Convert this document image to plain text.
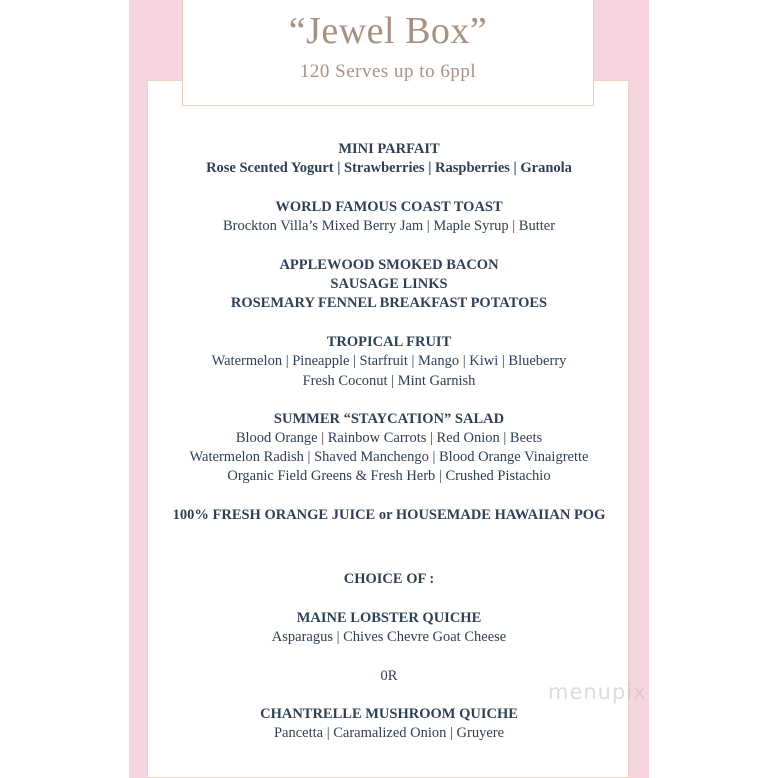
“Jewel Box”
120 Serves up to 6ppl
MINI PARFAIT
Rose Scented Yogurt | Strawberries | Raspberries | Granola
WORLD FAMOUS COAST TOAST
Brockton Villa’s Mixed Berry Jam | Maple Syrup | Butter
APPLEWOOD SMOKED BACON
SAUSAGE LINKS
ROSEMARY FENNEL BREAKFAST POTATOES
TROPICAL FRUIT
Watermelon | Pineapple | Starfruit | Mango | Kiwi | Blueberry
Fresh Coconut | Mint Garnish
SUMMER “STAYCATION” SALAD
Blood Orange | Rainbow Carrots | Red Onion | Beets
Watermelon Radish | Shaved Manchengo | Blood Orange Vinaigrette
Organic Field Greens & Fresh Herb | Crushed Pistachio
100% FRESH ORANGE JUICE or HOUSEMADE HAWAIIAN POG
CHOICE OF :
MAINE LOBSTER QUICHE
Asparagus | Chives Chevre Goat Cheese
0R
CHANTRELLE MUSHROOM QUICHE
Pancetta | Caramalized Onion | Gruyere
menupix
